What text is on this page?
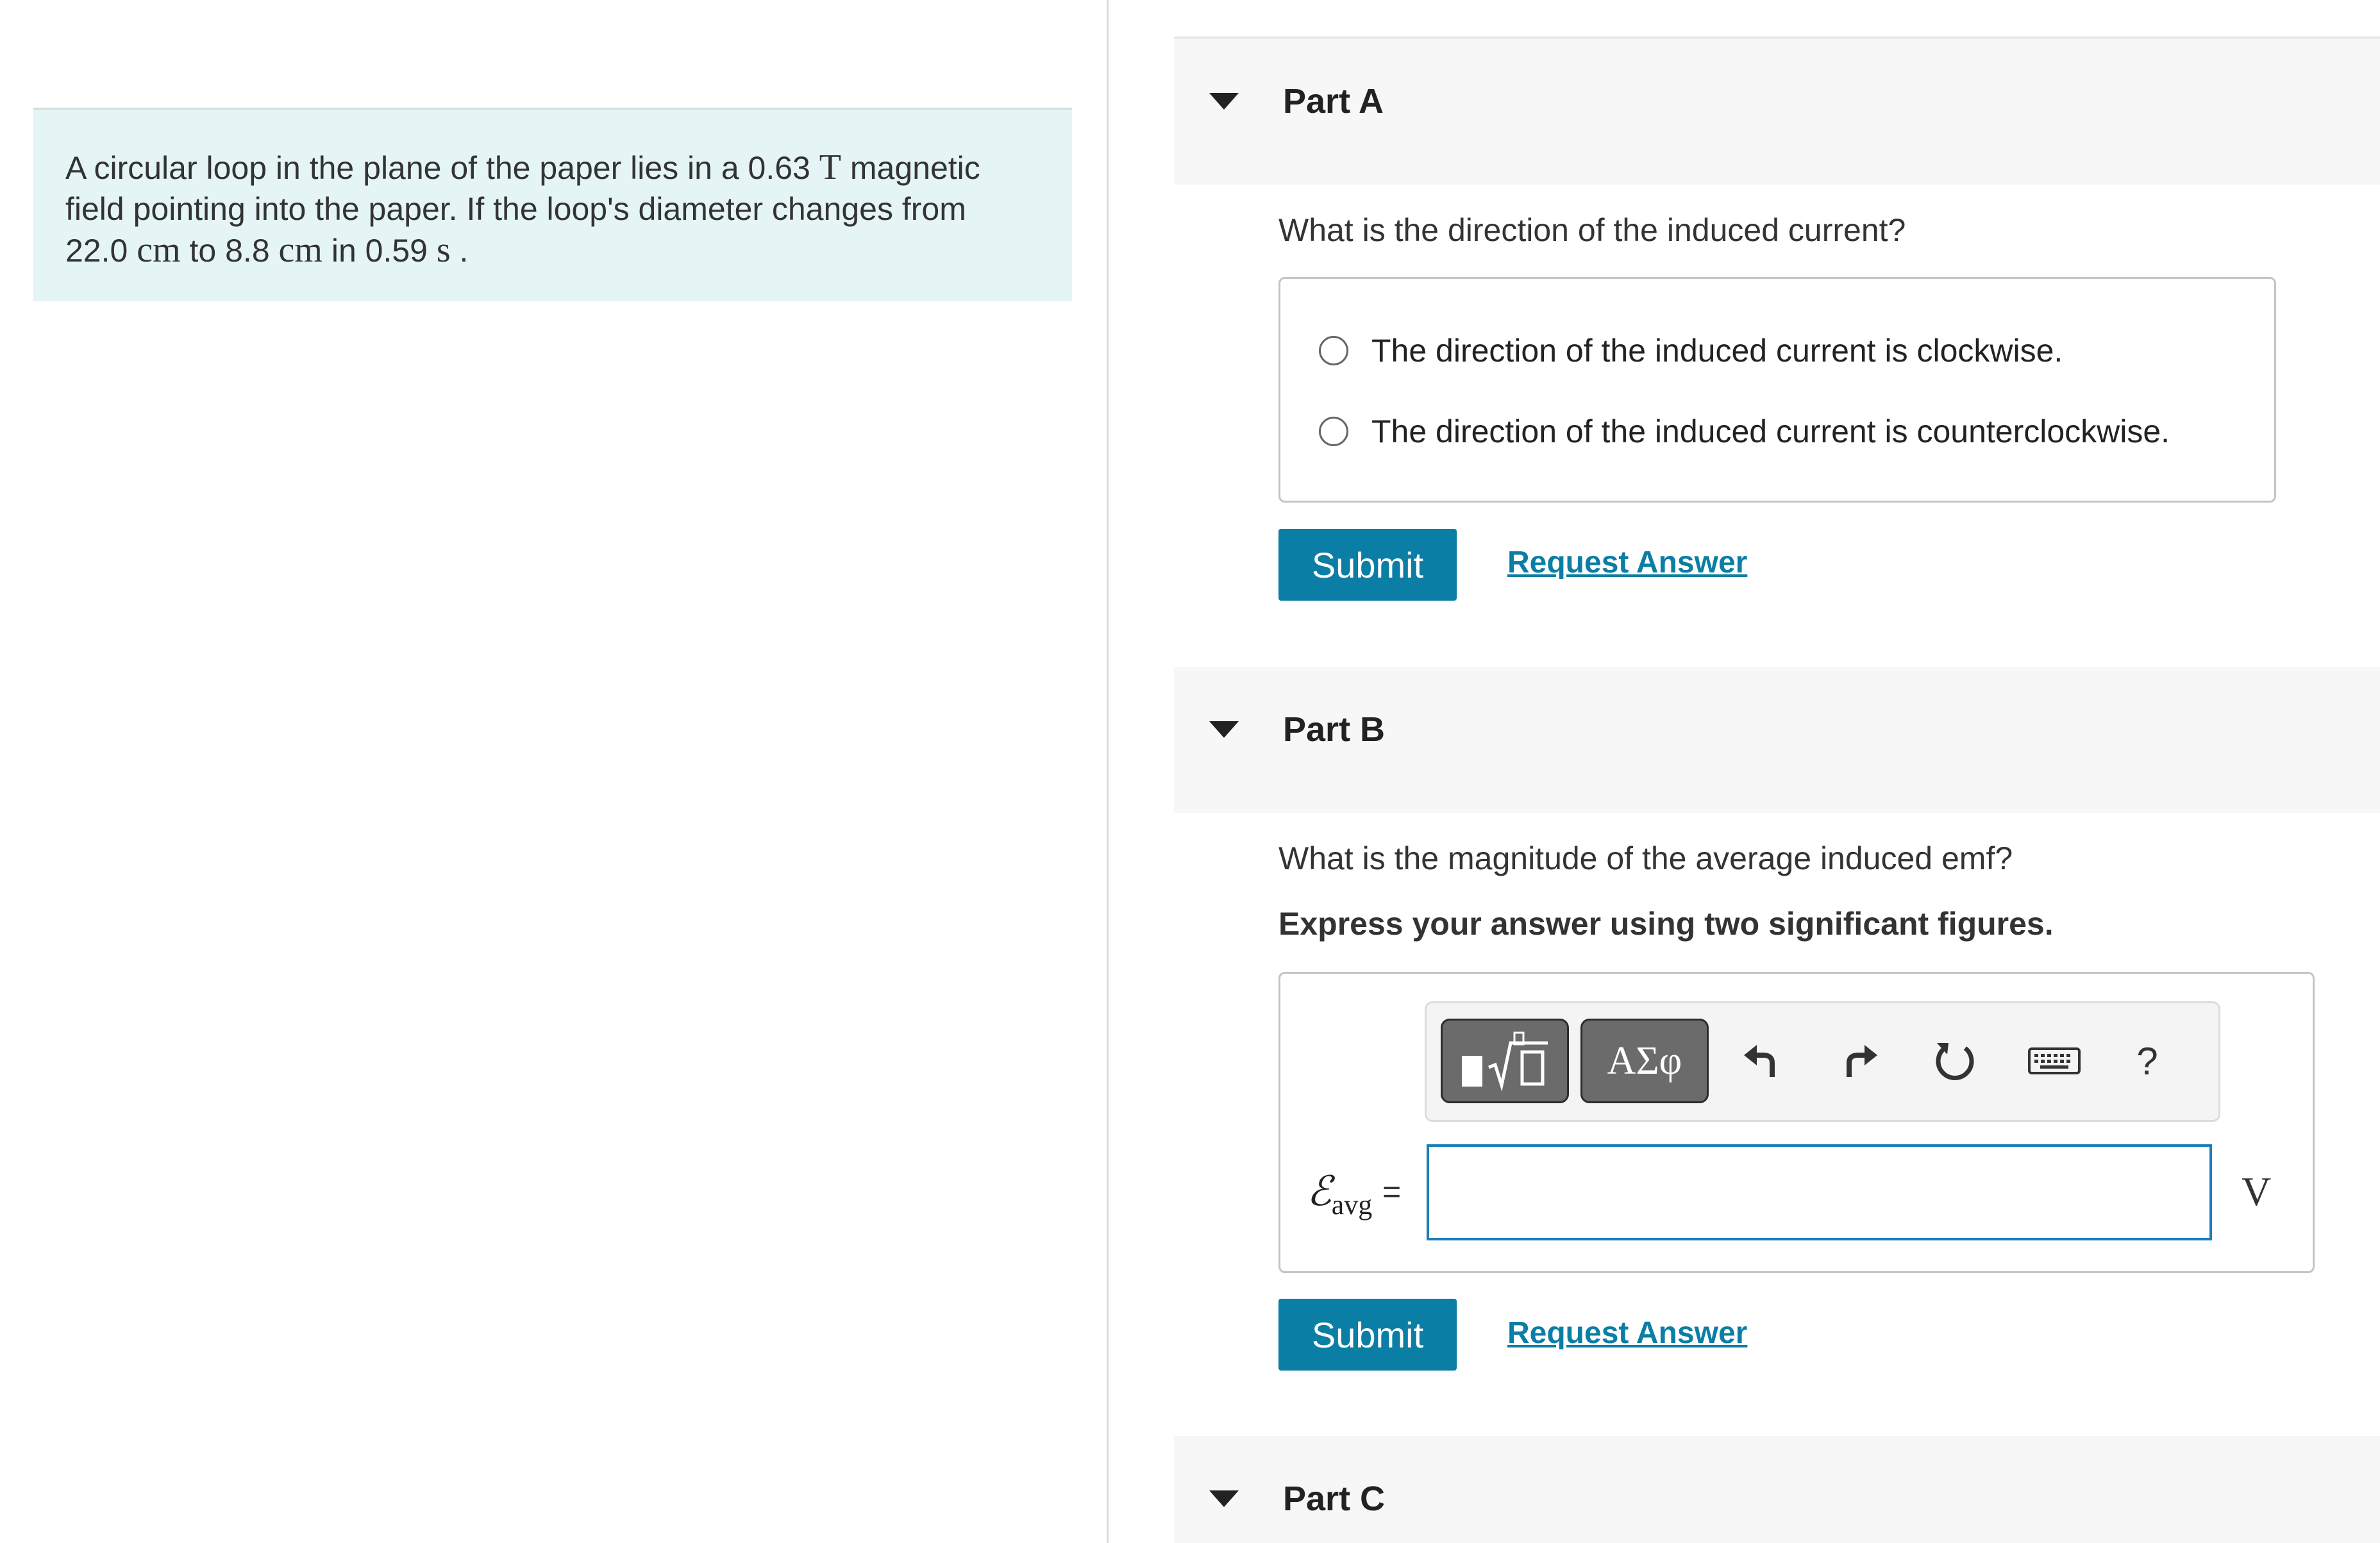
A circular loop in the plane of the paper lies in a 0.63 T magnetic
field pointing into the paper. If the loop's diameter changes from
22.0 cm to 8.8 cm in 0.59 s .
Part A
What is the direction of the induced current?
The direction of the induced current is clockwise.
The direction of the induced current is counterclockwise.
Submit	Request Answer
Part B
What is the magnitude of the average induced emf?
Express your answer using two significant figures.
ΑΣφ	?
ℰ$_{avg}$ =	V
Submit	Request Answer
Part C
